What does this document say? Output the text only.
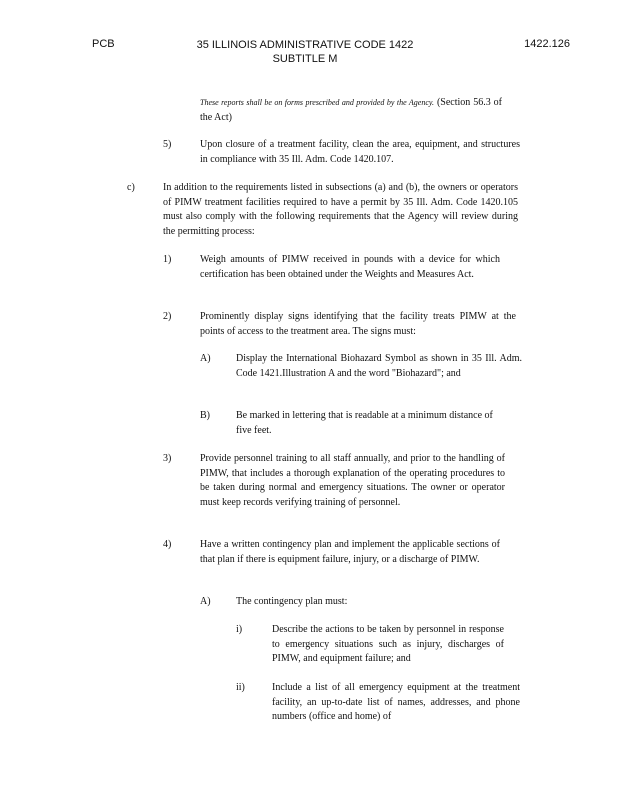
PCB	35 ILLINOIS ADMINISTRATIVE CODE 1422
SUBTITLE M
1422.126
These reports shall be on forms prescribed and provided by the Agency. (Section 56.3 of the Act)
5)	Upon closure of a treatment facility, clean the area, equipment, and structures in compliance with 35 Ill. Adm. Code 1420.107.
c)	In addition to the requirements listed in subsections (a) and (b), the owners or operators of PIMW treatment facilities required to have a permit by 35 Ill. Adm. Code 1420.105 must also comply with the following requirements that the Agency will review during the permitting process:
1)	Weigh amounts of PIMW received in pounds with a device for which certification has been obtained under the Weights and Measures Act.
2)	Prominently display signs identifying that the facility treats PIMW at the points of access to the treatment area. The signs must:
A)	Display the International Biohazard Symbol as shown in 35 Ill. Adm. Code 1421.Illustration A and the word "Biohazard"; and
B)	Be marked in lettering that is readable at a minimum distance of five feet.
3)	Provide personnel training to all staff annually, and prior to the handling of PIMW, that includes a thorough explanation of the operating procedures to be taken during normal and emergency situations. The owner or operator must keep records verifying training of personnel.
4)	Have a written contingency plan and implement the applicable sections of that plan if there is equipment failure, injury, or a discharge of PIMW.
A)	The contingency plan must:
i)	Describe the actions to be taken by personnel in response to emergency situations such as injury, discharges of PIMW, and equipment failure; and
ii)	Include a list of all emergency equipment at the treatment facility, an up-to-date list of names, addresses, and phone numbers (office and home) of
